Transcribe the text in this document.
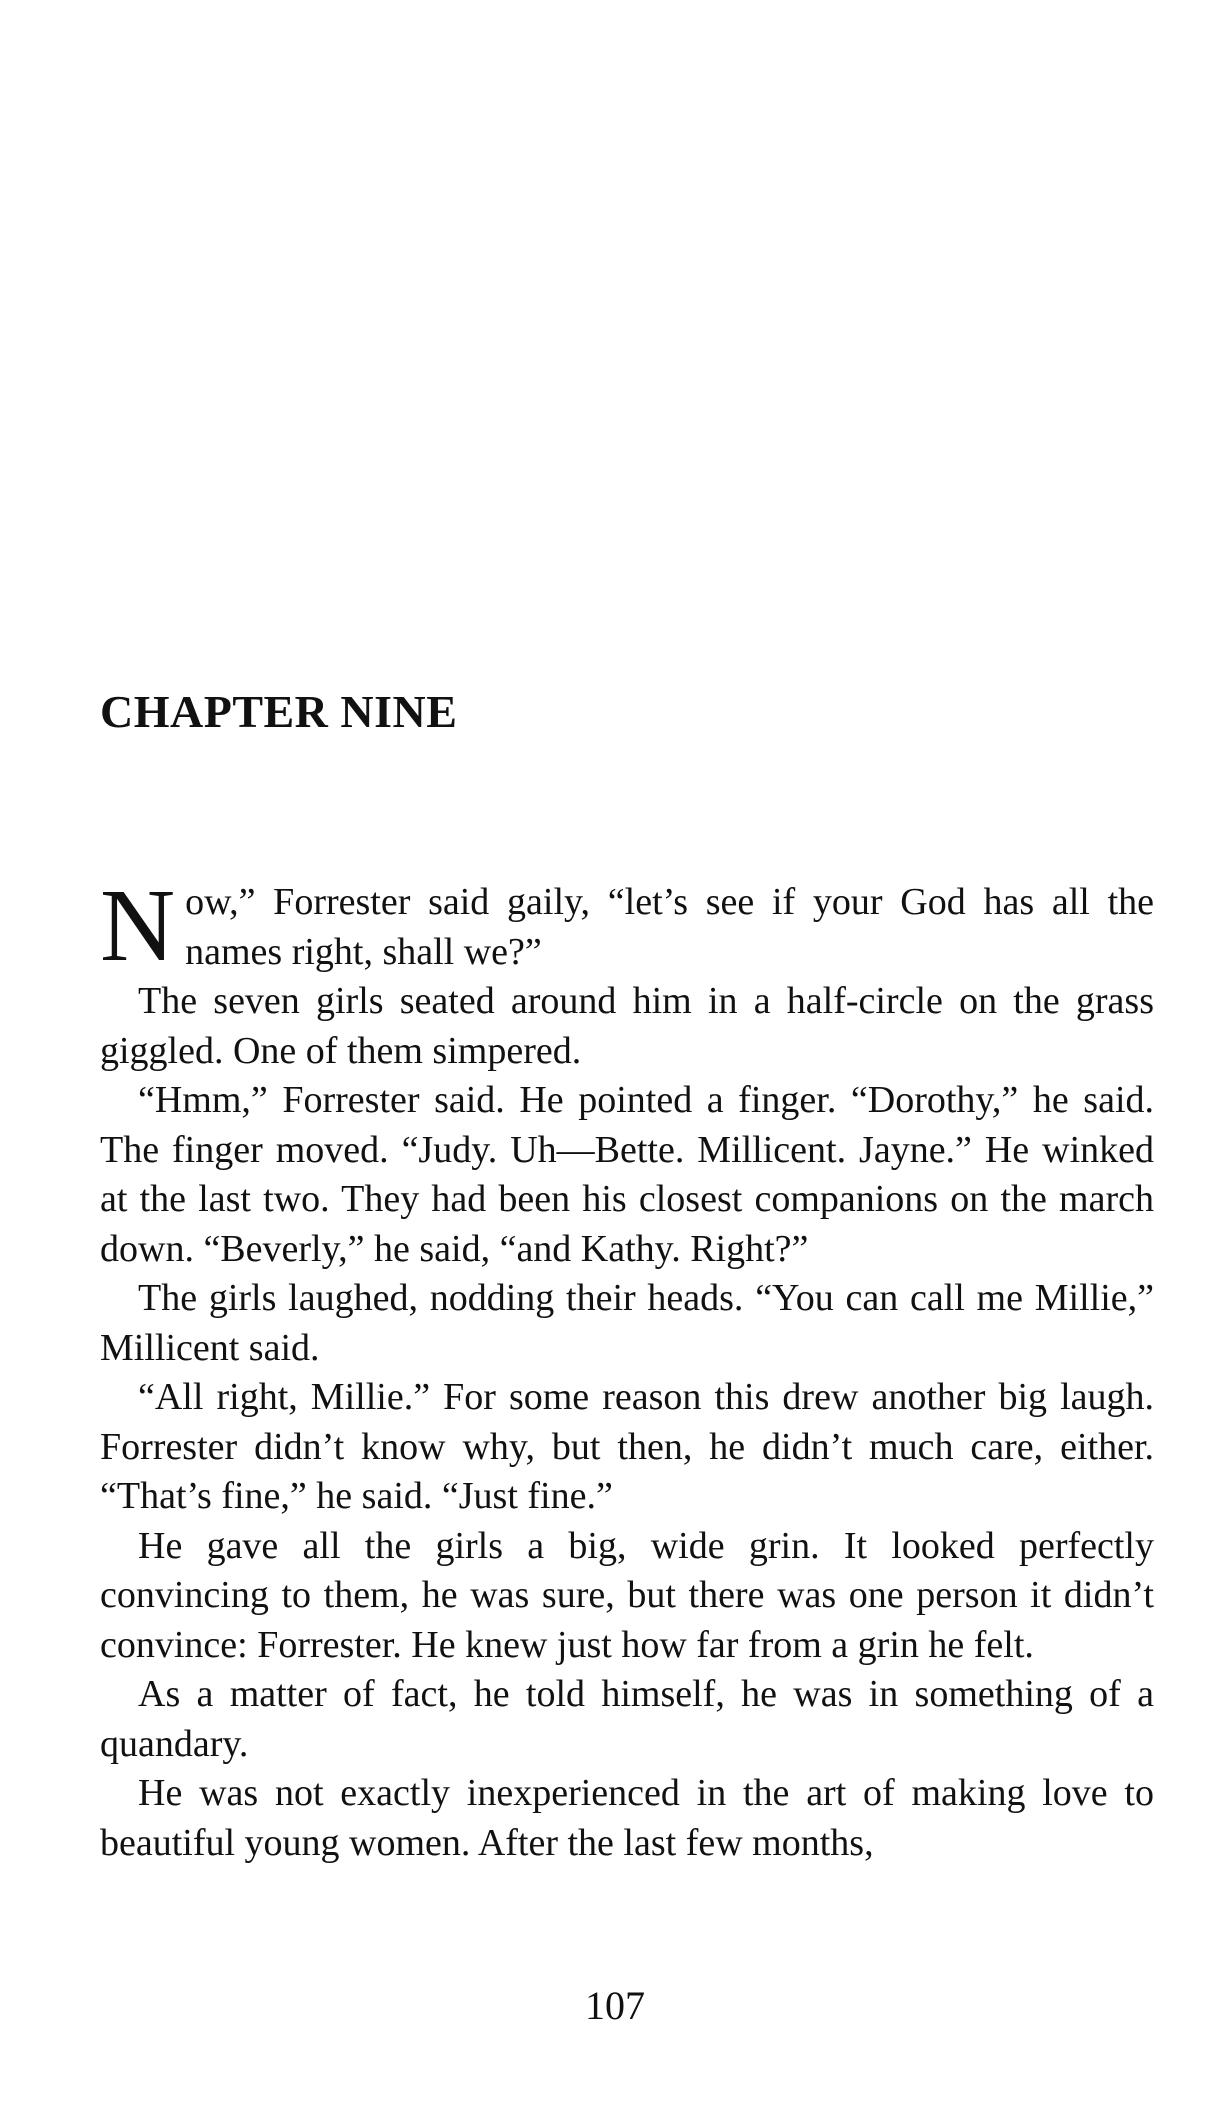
CHAPTER NINE

Now,” Forrester said gaily, “let’s see if your God has all the names right, shall we?”

The seven girls seated around him in a half-circle on the grass giggled. One of them simpered.

“Hmm,” Forrester said. He pointed a finger. “Dorothy,” he said. The finger moved. “Judy. Uh—Bette. Millicent. Jayne.” He winked at the last two. They had been his closest companions on the march down. “Beverly,” he said, “and Kathy. Right?”

The girls laughed, nodding their heads. “You can call me Millie,” Millicent said.

“All right, Millie.” For some reason this drew another big laugh. Forrester didn’t know why, but then, he didn’t much care, either. “That’s fine,” he said. “Just fine.”

He gave all the girls a big, wide grin. It looked perfectly convincing to them, he was sure, but there was one person it didn’t convince: Forrester. He knew just how far from a grin he felt.

As a matter of fact, he told himself, he was in something of a quandary.

He was not exactly inexperienced in the art of making love to beautiful young women. After the last few months,

107
